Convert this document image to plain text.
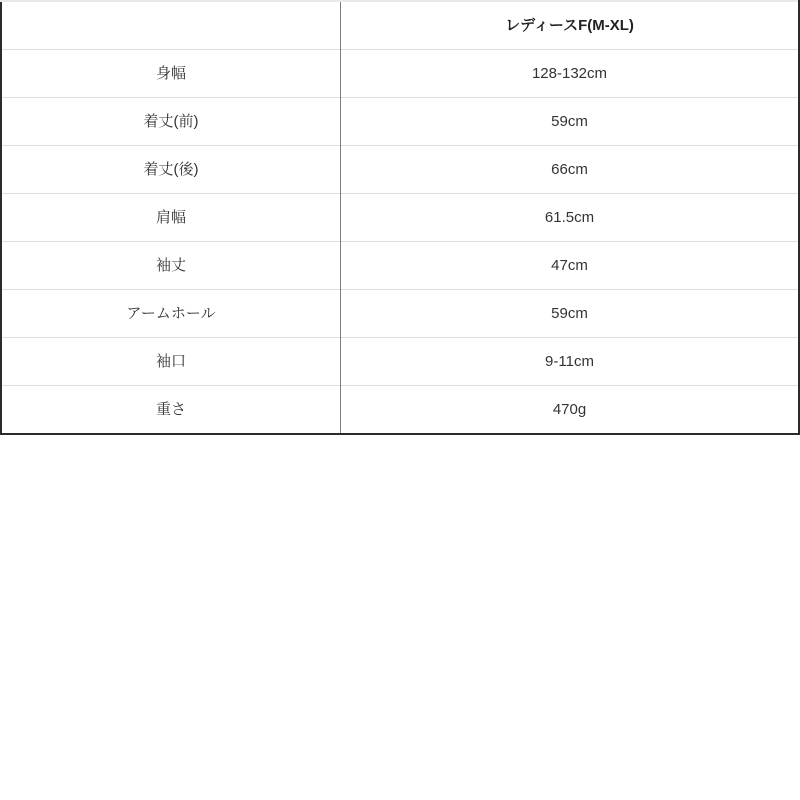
	レディースF(M-XL)
身幅	128-132cm
着丈(前)	59cm
着丈(後)	66cm
肩幅	61.5cm
袖丈	47cm
アームホール	59cm
袖口	9-11cm
重さ	470g
